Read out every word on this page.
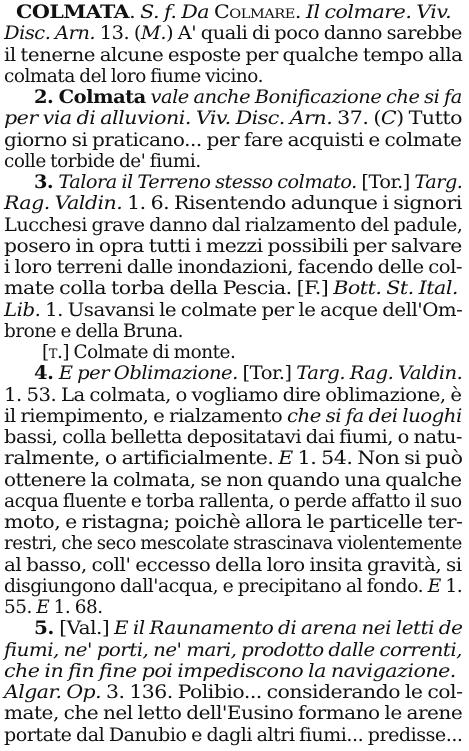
COLMATA. S. f. Da Colmare. Il colmare. Viv.
Disc. Arn. 13. (M.) A' quali di poco danno sarebbe
il tenerne alcune esposte per qualche tempo alla
colmata del loro fiume vicino.
2. Colmata vale anche Bonificazione che si fa
per via di alluvioni. Viv. Disc. Arn. 37. (C) Tutto
giorno si praticano... per fare acquisti e colmate
colle torbide de' fiumi.
3. Talora il Terreno stesso colmato. [Tor.] Targ.
Rag. Valdin. 1. 6. Risentendo adunque i signori
Lucchesi grave danno dal rialzamento del padule,
posero in opra tutti i mezzi possibili per salvare
i loro terreni dalle inondazioni, facendo delle col-
mate colla torba della Pescia. [F.] Bott. St. Ital.
Lib. 1. Usavansi le colmate per le acque dell'Om-
brone e della Bruna.
[t.] Colmate di monte.
4. E per Oblimazione. [Tor.] Targ. Rag. Valdin.
1. 53. La colmata, o vogliamo dire oblimazione, è
il riempimento, e rialzamento che si fa dei luoghi
bassi, colla belletta depositatavi dai fiumi, o natu-
ralmente, o artificialmente. E 1. 54. Non si può
ottenere la colmata, se non quando una qualche
acqua fluente e torba rallenta, o perde affatto il suo
moto, e ristagna; poichè allora le particelle ter-
restri, che seco mescolate strascinava violentemente
al basso, coll' eccesso della loro insita gravità, si
disgiungono dall'acqua, e precipitano al fondo. E 1.
55. E 1. 68.
5. [Val.] E il Raunamento di arena nei letti de
fiumi, ne' porti, ne' mari, prodotto dalle correnti,
che in fin fine poi impediscono la navigazione.
Algar. Op. 3. 136. Polibio... considerando le col-
mate, che nel letto dell'Eusino formano le arene
portate dal Danubio e dagli altri fiumi... predisse...
